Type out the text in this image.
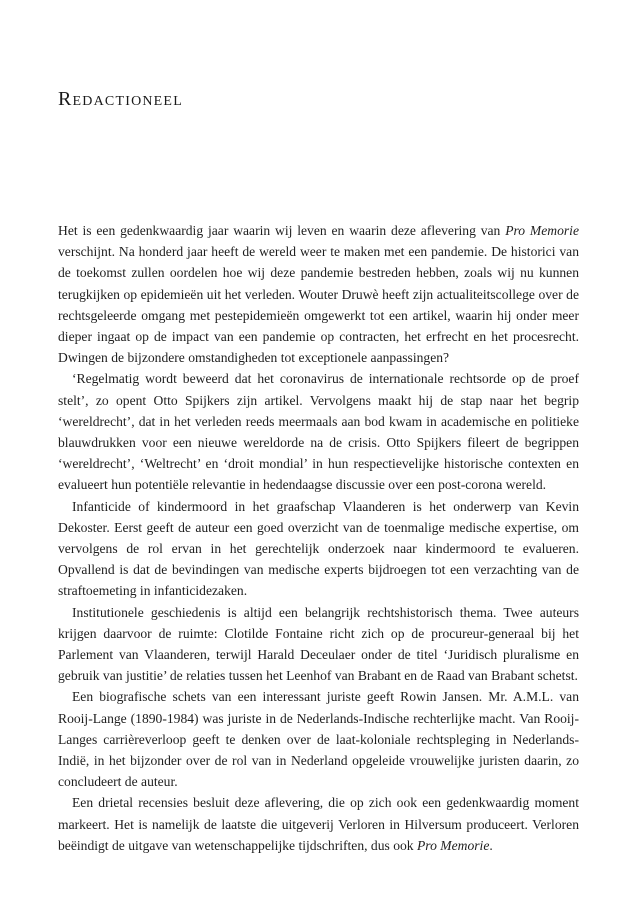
Redactioneel

Het is een gedenkwaardig jaar waarin wij leven en waarin deze aflevering van Pro Memorie verschijnt. Na honderd jaar heeft de wereld weer te maken met een pandemie. De historici van de toekomst zullen oordelen hoe wij deze pandemie bestreden hebben, zoals wij nu kunnen terugkijken op epidemieën uit het verleden. Wouter Druwè heeft zijn actualiteitscollege over de rechtsgeleerde omgang met pestepidemieën omgewerkt tot een artikel, waarin hij onder meer dieper ingaat op de impact van een pandemie op contracten, het erfrecht en het procesrecht. Dwingen de bijzondere omstandigheden tot exceptionele aanpassingen?

‘Regelmatig wordt beweerd dat het coronavirus de internationale rechtsorde op de proef stelt’, zo opent Otto Spijkers zijn artikel. Vervolgens maakt hij de stap naar het begrip ‘wereldrecht’, dat in het verleden reeds meermaals aan bod kwam in academische en politieke blauwdrukken voor een nieuwe wereldorde na de crisis. Otto Spijkers fileert de begrippen ‘wereldrecht’, ‘Weltrecht’ en ‘droit mondial’ in hun respectievelijke historische contexten en evalueert hun potentiële relevantie in hedendaagse discussie over een post-corona wereld.

Infanticide of kindermoord in het graafschap Vlaanderen is het onderwerp van Kevin Dekoster. Eerst geeft de auteur een goed overzicht van de toenmalige medische expertise, om vervolgens de rol ervan in het gerechtelijk onderzoek naar kindermoord te evalueren. Opvallend is dat de bevindingen van medische experts bijdroegen tot een verzachting van de straftoemeting in infanticidezaken.

Institutionele geschiedenis is altijd een belangrijk rechtshistorisch thema. Twee auteurs krijgen daarvoor de ruimte: Clotilde Fontaine richt zich op de procureur-generaal bij het Parlement van Vlaanderen, terwijl Harald Deceulaer onder de titel ‘Juridisch pluralisme en gebruik van justitie’ de relaties tussen het Leenhof van Brabant en de Raad van Brabant schetst.

Een biografische schets van een interessant juriste geeft Rowin Jansen. Mr. A.M.L. van Rooij-Lange (1890-1984) was juriste in de Nederlands-Indische rechterlijke macht. Van Rooij-Langes carrièreverloop geeft te denken over de laat-koloniale rechtspleging in Nederlands-Indië, in het bijzonder over de rol van in Nederland opgeleide vrouwelijke juristen daarin, zo concludeert de auteur.

Een drietal recensies besluit deze aflevering, die op zich ook een gedenkwaardig moment markeert. Het is namelijk de laatste die uitgeverij Verloren in Hilversum produceert. Verloren beëindigt de uitgave van wetenschappelijke tijdschriften, dus ook Pro Memorie.
